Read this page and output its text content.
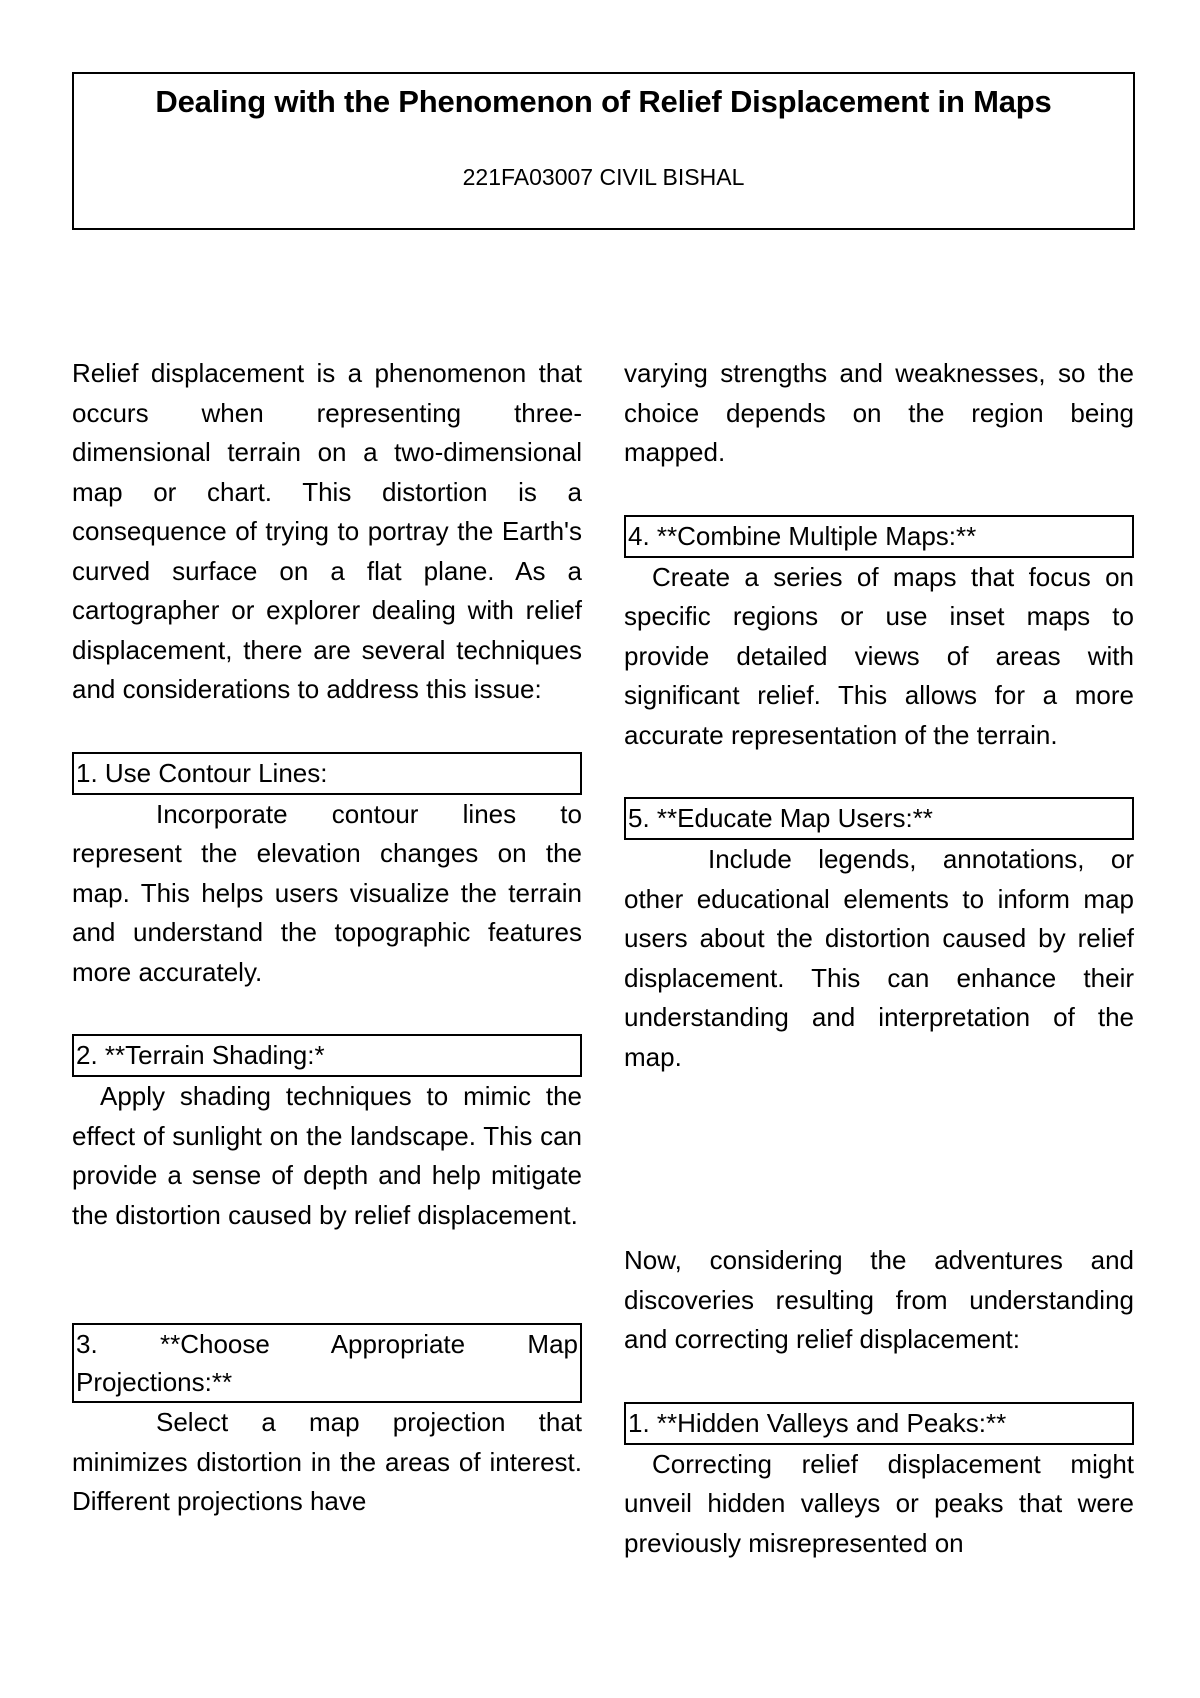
Dealing with the Phenomenon of Relief Displacement in Maps
221FA03007 CIVIL BISHAL

Relief displacement is a phenomenon that occurs when representing three-dimensional terrain on a two-dimensional map or chart. This distortion is a consequence of trying to portray the Earth's curved surface on a flat plane. As a cartographer or explorer dealing with relief displacement, there are several techniques and considerations to address this issue:

1. Use Contour Lines:

Incorporate contour lines to represent the elevation changes on the map. This helps users visualize the terrain and understand the topographic features more accurately.

2. **Terrain Shading:*

Apply shading techniques to mimic the effect of sunlight on the landscape. This can provide a sense of depth and help mitigate the distortion caused by relief displacement.

3. **Choose Appropriate Map
Projections:**

Select a map projection that minimizes distortion in the areas of interest. Different projections have

varying strengths and weaknesses, so the choice depends on the region being mapped.

4. **Combine Multiple Maps:**

Create a series of maps that focus on specific regions or use inset maps to provide detailed views of areas with significant relief. This allows for a more accurate representation of the terrain.

5. **Educate Map Users:**

Include legends, annotations, or other educational elements to inform map users about the distortion caused by relief displacement. This can enhance their understanding and interpretation of the map.

Now, considering the adventures and discoveries resulting from understanding and correcting relief displacement:

1. **Hidden Valleys and Peaks:**

Correcting relief displacement might unveil hidden valleys or peaks that were previously misrepresented on
